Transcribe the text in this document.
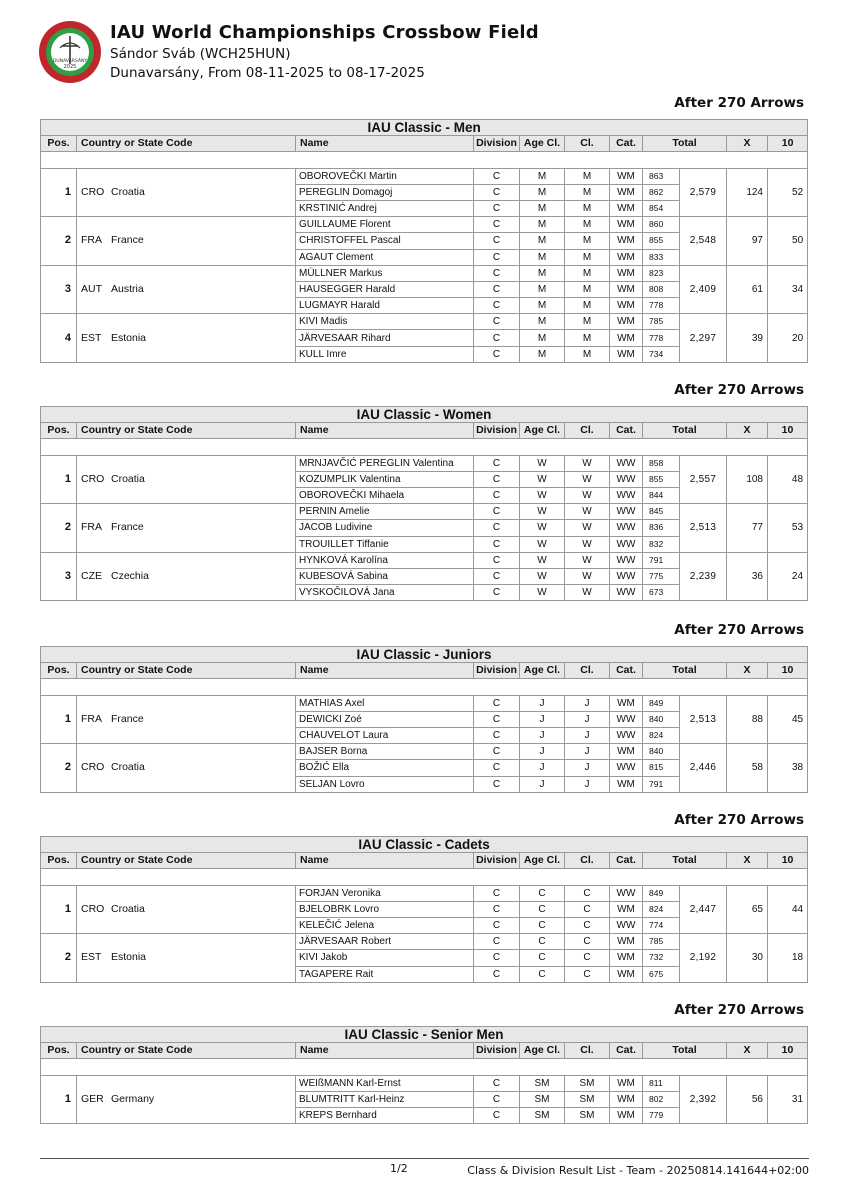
DUNAVARSÁNY
2025
IAU World Championships Crossbow Field
Sándor Sváb (WCH25HUN)
Dunavarsány, From 08-11-2025 to 08-17-2025
After 270 Arrows
IAU Classic - Men										
Pos.	Country or State Code	Name	Division	Age Cl.	Cl.	Cat.	Total		X	10

1	CRO Croatia	OBOROVEČKI Martin	C	M	M	WM	863	2,579	124	52
		PEREGLIN Domagoj	C	M	M	WM	862			
		KRSTINIĆ Andrej	C	M	M	WM	854			
2	FRA France	GUILLAUME Florent	C	M	M	WM	860	2,548	97	50
		CHRISTOFFEL Pascal	C	M	M	WM	855			
		AGAUT Clement	C	M	M	WM	833			
3	AUT Austria	MÜLLNER Markus	C	M	M	WM	823	2,409	61	34
		HAUSEGGER Harald	C	M	M	WM	808			
		LUGMAYR Harald	C	M	M	WM	778			
4	EST Estonia	KIVI Madis	C	M	M	WM	785	2,297	39	20
		JÄRVESAAR Rihard	C	M	M	WM	778			
		KULL Imre	C	M	M	WM	734			
After 270 Arrows
IAU Classic - Women										
Pos.	Country or State Code	Name	Division	Age Cl.	Cl.	Cat.	Total		X	10

1	CRO Croatia	MRNJAVČIĆ PEREGLIN Valentina	C	W	W	WW	858	2,557	108	48
		KOZUMPLIK Valentina	C	W	W	WW	855			
		OBOROVEČKI Mihaela	C	W	W	WW	844			
2	FRA France	PERNIN Amelie	C	W	W	WW	845	2,513	77	53
		JACOB Ludivine	C	W	W	WW	836			
		TROUILLET Tiffanie	C	W	W	WW	832			
3	CZE Czechia	HYNKOVÁ Karolína	C	W	W	WW	791	2,239	36	24
		KUBESOVÁ Sabina	C	W	W	WW	775			
		VYSKOČILOVÁ Jana	C	W	W	WW	673			
After 270 Arrows
IAU Classic - Juniors										
Pos.	Country or State Code	Name	Division	Age Cl.	Cl.	Cat.	Total		X	10

1	FRA France	MATHIAS Axel	C	J	J	WM	849	2,513	88	45
		DEWICKI Zoé	C	J	J	WW	840			
		CHAUVELOT Laura	C	J	J	WW	824			
2	CRO Croatia	BAJSER Borna	C	J	J	WM	840	2,446	58	38
		BOŽIĆ Ella	C	J	J	WW	815			
		SELJAN Lovro	C	J	J	WM	791			
After 270 Arrows
IAU Classic - Cadets										
Pos.	Country or State Code	Name	Division	Age Cl.	Cl.	Cat.	Total		X	10

1	CRO Croatia	FORJAN Veronika	C	C	C	WW	849	2,447	65	44
		BJELOBRK Lovro	C	C	C	WM	824			
		KELEČIĆ Jelena	C	C	C	WW	774			
2	EST Estonia	JÄRVESAAR Robert	C	C	C	WM	785	2,192	30	18
		KIVI Jakob	C	C	C	WM	732			
		TAGAPERE Rait	C	C	C	WM	675			
After 270 Arrows
IAU Classic - Senior Men										
Pos.	Country or State Code	Name	Division	Age Cl.	Cl.	Cat.	Total		X	10

1	GER Germany	WEIßMANN Karl-Ernst	C	SM	SM	WM	811	2,392	56	31
		BLUMTRITT Karl-Heinz	C	SM	SM	WM	802			
		KREPS Bernhard	C	SM	SM	WM	779			
1/2	Class & Division Result List - Team - 20250814.141644+02:00
